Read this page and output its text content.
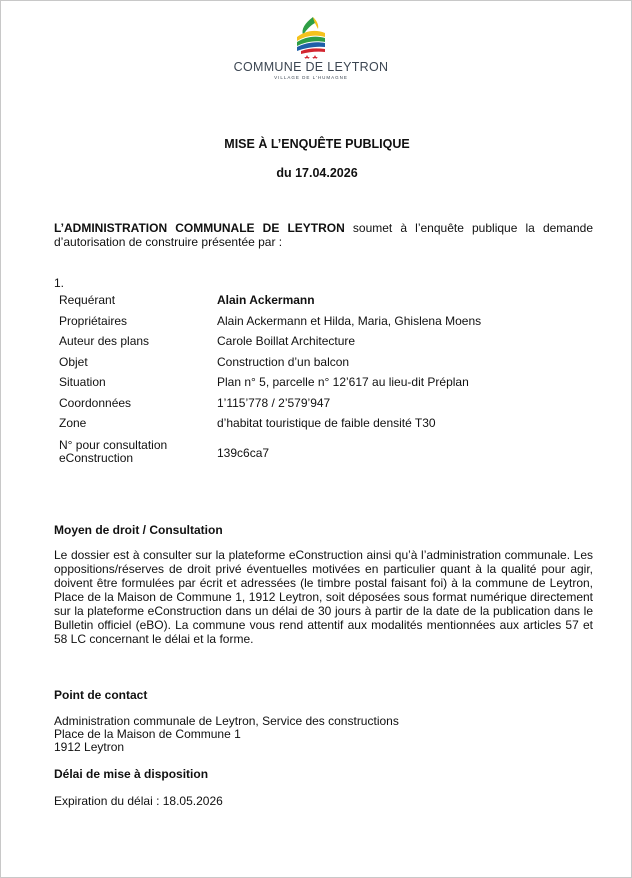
COMMUNE DE LEYTRON
VILLAGE DE L'HUMAGNE
MISE À L’ENQUÊTE PUBLIQUE
du 17.04.2026
L’ADMINISTRATION COMMUNALE DE LEYTRON soumet à l’enquête publique la demande d’autorisation de construire présentée par :
1.
Requérant	Alain Ackermann
Propriétaires	Alain Ackermann et Hilda, Maria, Ghislena Moens
Auteur des plans	Carole Boillat Architecture
Objet	Construction d’un balcon
Situation	Plan n° 5, parcelle n° 12’617 au lieu-dit Préplan
Coordonnées	1’115’778 / 2’579’947
Zone	d’habitat touristique de faible densité T30
N° pour consultation
eConstruction	139c6ca7
Moyen de droit / Consultation
Le dossier est à consulter sur la plateforme eConstruction ainsi qu’à l’administration communale. Les oppositions/réserves de droit privé éventuelles motivées en particulier quant à la qualité pour agir, doivent être formulées par écrit et adressées (le timbre postal faisant foi) à la commune de Leytron, Place de la Maison de Commune 1, 1912 Leytron, soit déposées sous format numérique directement sur la plateforme eConstruction dans un délai de 30 jours à partir de la date de la publication dans le Bulletin officiel (eBO). La commune vous rend attentif aux modalités mentionnées aux articles 57 et 58 LC concernant le délai et la forme.
Point de contact
Administration communale de Leytron, Service des constructions
Place de la Maison de Commune 1
1912 Leytron
Délai de mise à disposition
Expiration du délai : 18.05.2026
